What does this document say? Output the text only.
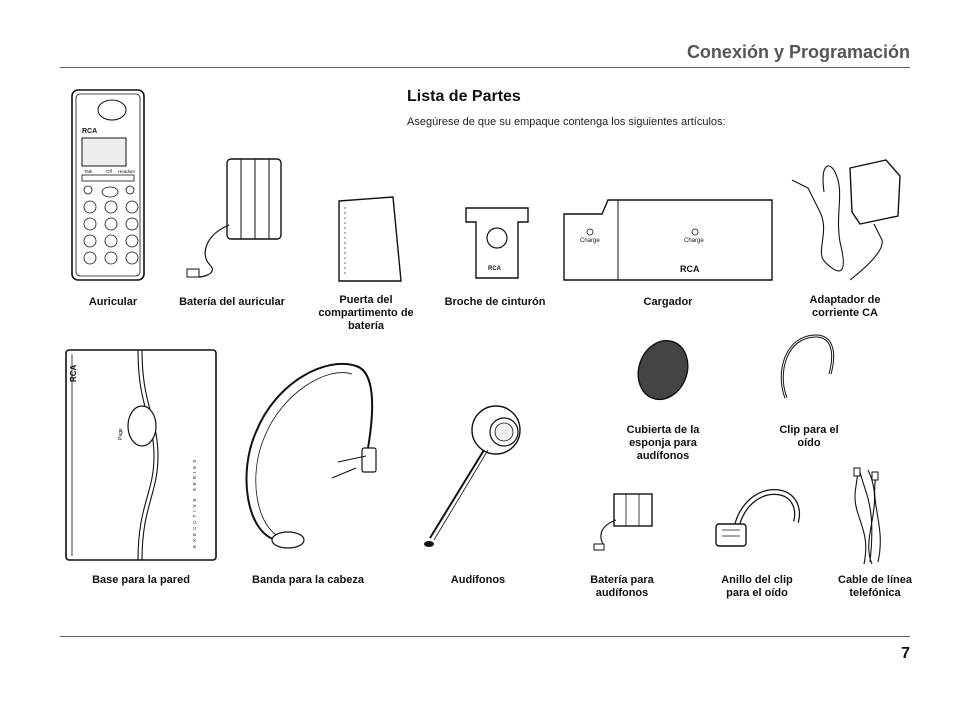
Conexión y Programación
Lista de Partes
Asegúrese de que su empaque contenga los siguientes artículos:
RCA
Talk	Off Headset
RCA
Charge	Charge
RCA
Auricular	Batería del auricular	Puerta del compartimento de batería
Broche de cinturón	Cargador	Adaptador de corriente CA
RCA
Page
EXECUTIVE SERIES
Cubierta de la esponja para audífonos
Clip para el oído
Base para la pared	Banda para la cabeza	Audífonos	Batería para audífonos
Anillo del clip para el oído
Cable de línea telefónica
7
